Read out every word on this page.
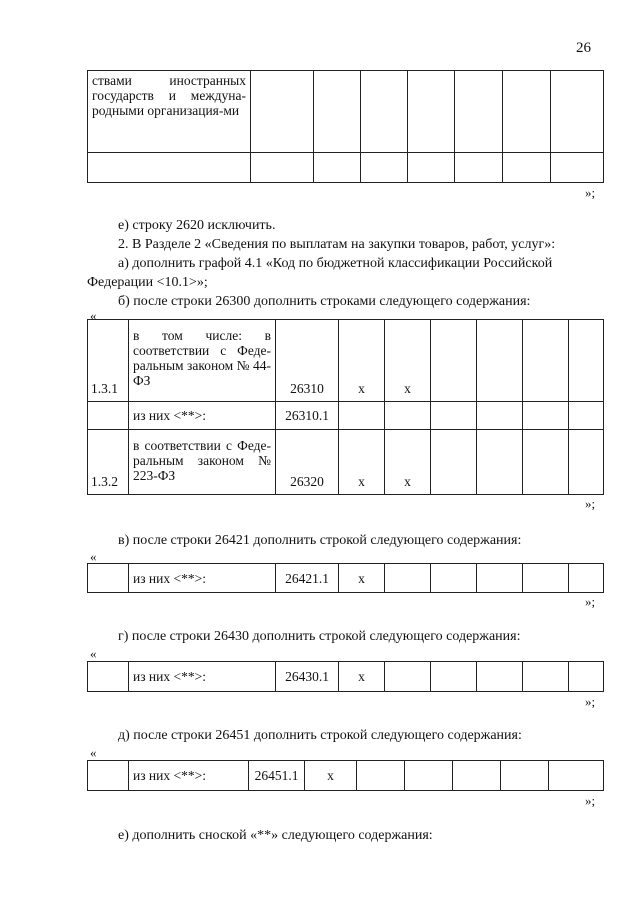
26
ствами иностранных государств и междуна-родными организация-ми							

»;
е) строку 2620 исключить.
2. В Разделе 2 «Сведения по выплатам на закупки товаров, работ, услуг»:
а) дополнить графой 4.1 «Код по бюджетной классификации Российской
Федерации <10.1>»;
б) после строки 26300 дополнить строками следующего содержания:
«
1.3.1	в том числе: в соответствии с Феде-ральным законом № 44-ФЗ	26310	x	x				
	из них <**>:	26310.1						
1.3.2	в соответствии с Феде-ральным законом № 223-ФЗ	26320	x	x				
»;
в) после строки 26421 дополнить строкой следующего содержания:
«
	из них <**>:	26421.1	x					
»;
г) после строки 26430 дополнить строкой следующего содержания:
«
	из них <**>:	26430.1	x					
»;
д) после строки 26451 дополнить строкой следующего содержания:
«
	из них <**>:	26451.1	x					
»;
е) дополнить сноской «**» следующего содержания:
